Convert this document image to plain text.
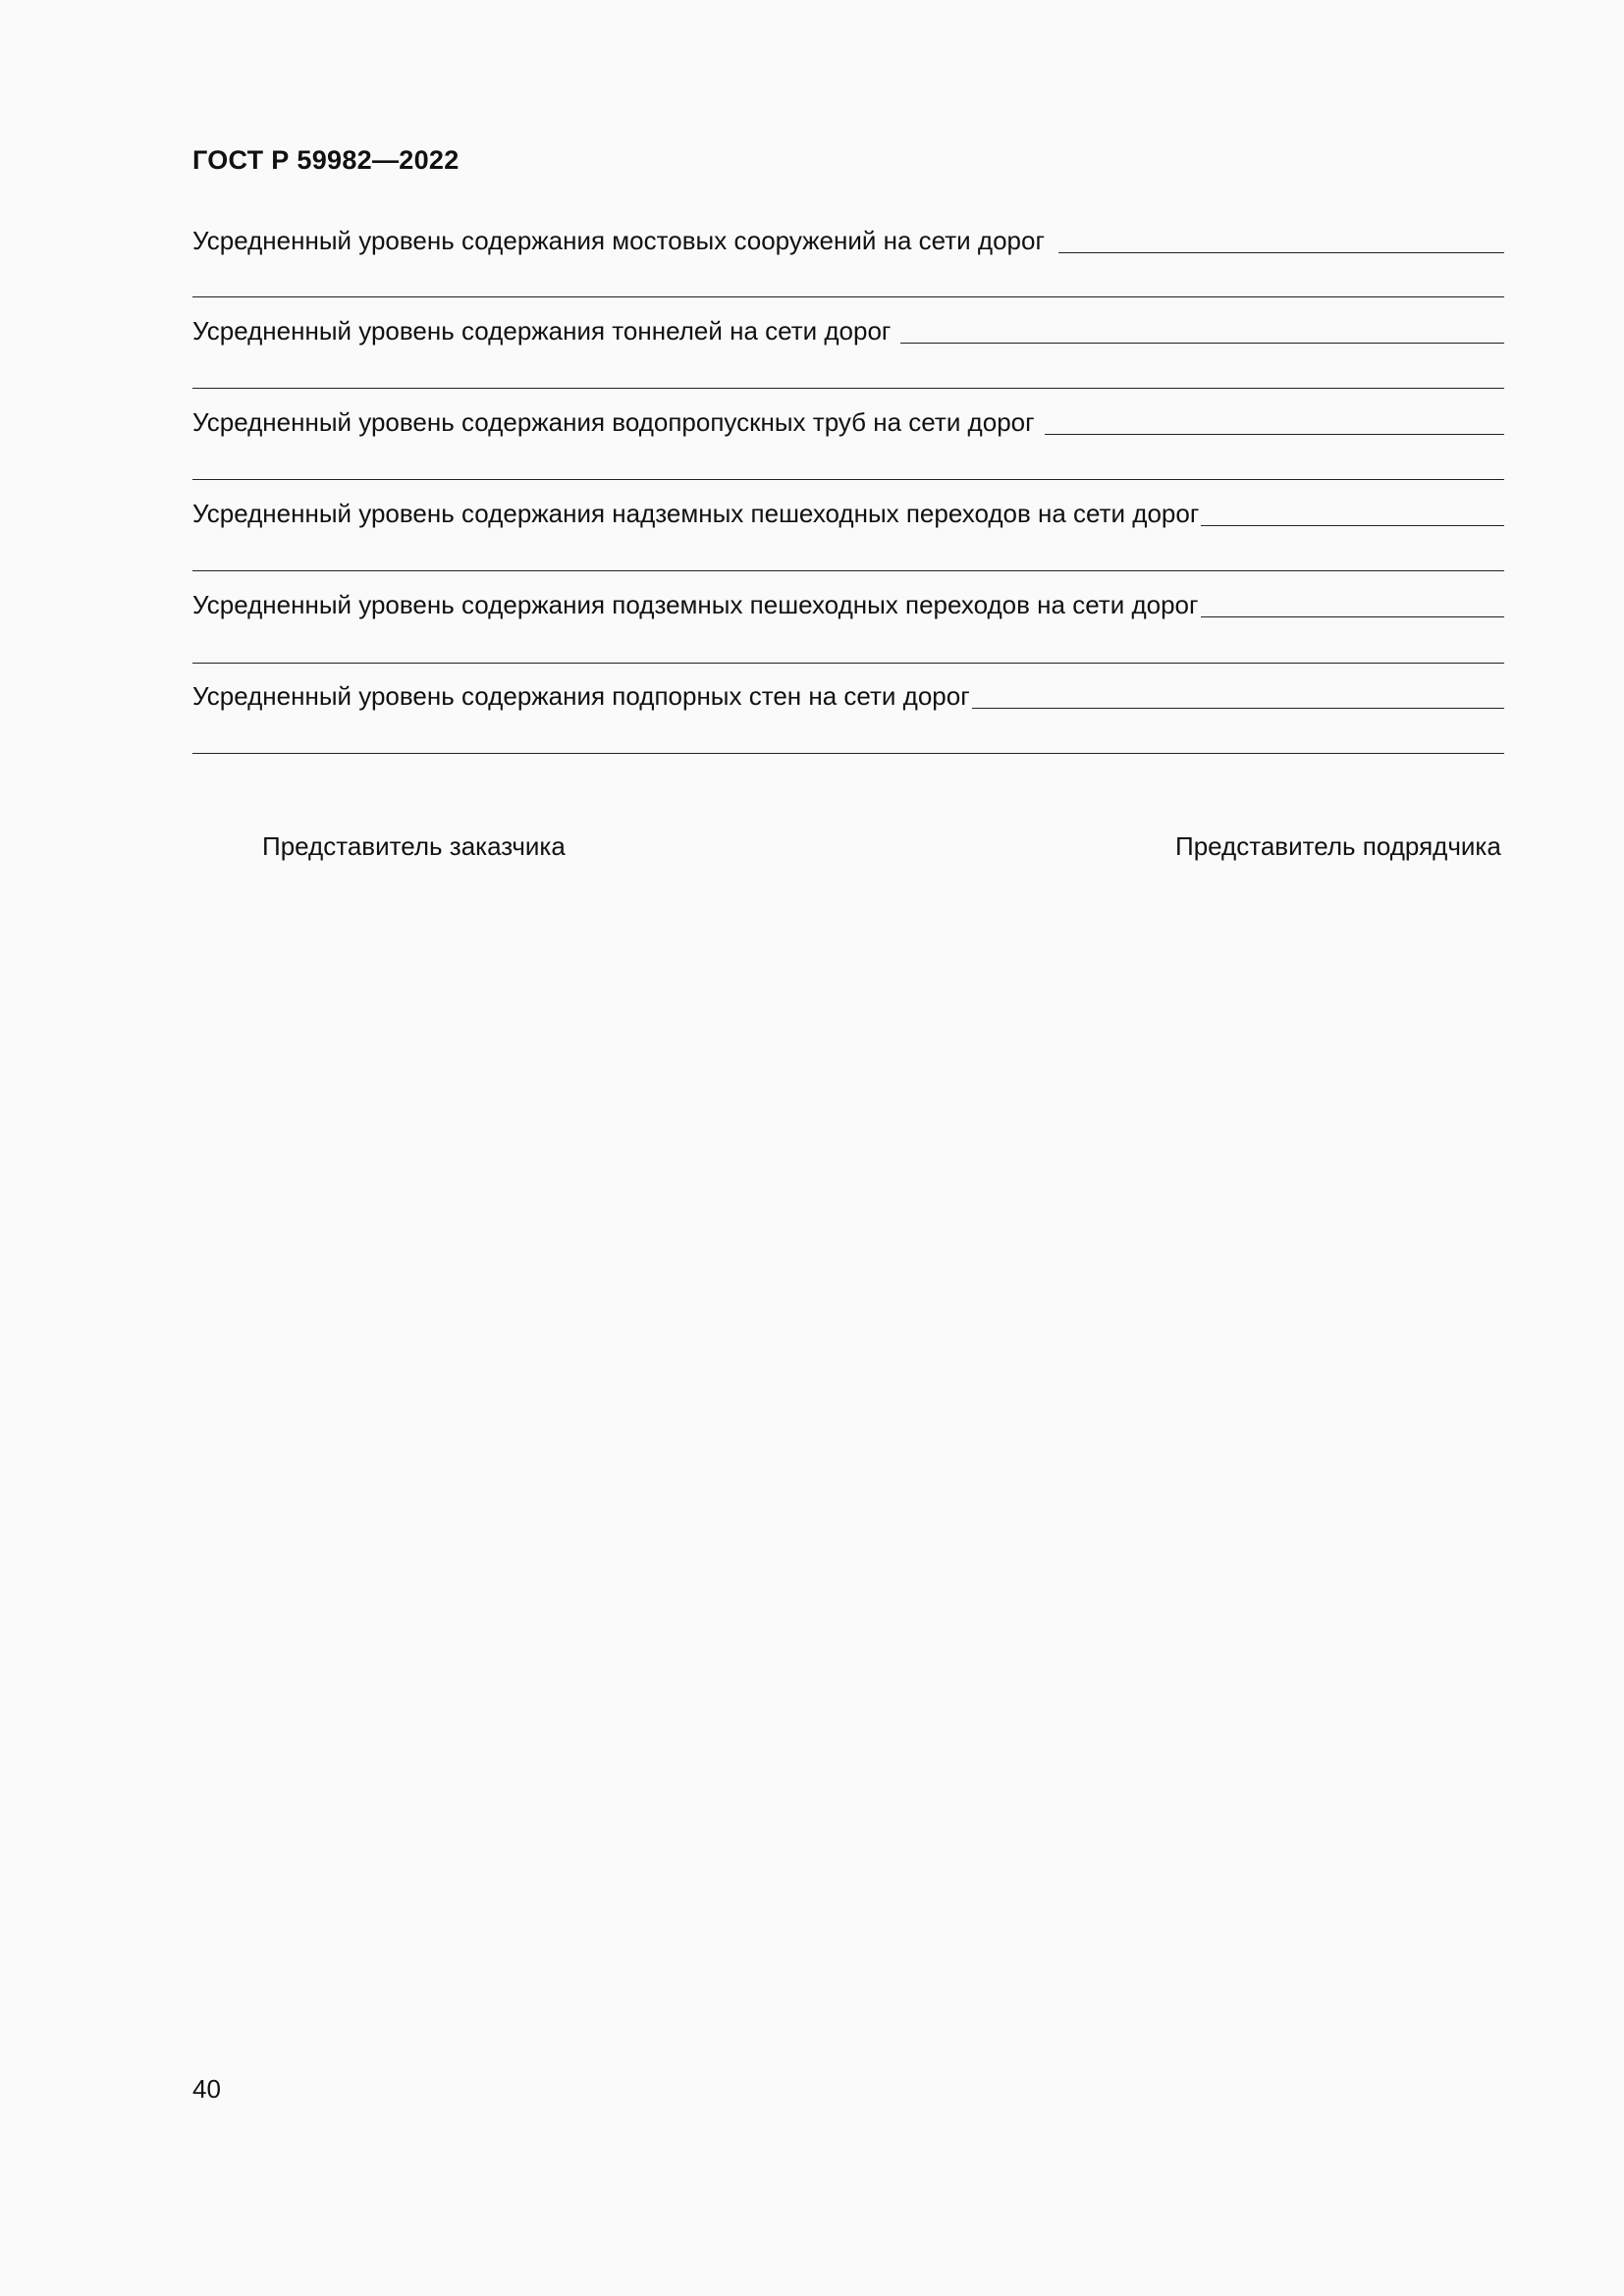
ГОСТ Р 59982—2022
Усредненный уровень содержания мостовых сооружений на сети дорог
Усредненный уровень содержания тоннелей на сети дорог
Усредненный уровень содержания водопропускных труб на сети дорог
Усредненный уровень содержания надземных пешеходных переходов на сети дорог
Усредненный уровень содержания подземных пешеходных переходов на сети дорог
Усредненный уровень содержания подпорных стен на сети дорог
Представитель заказчика	Представитель подрядчика
40
